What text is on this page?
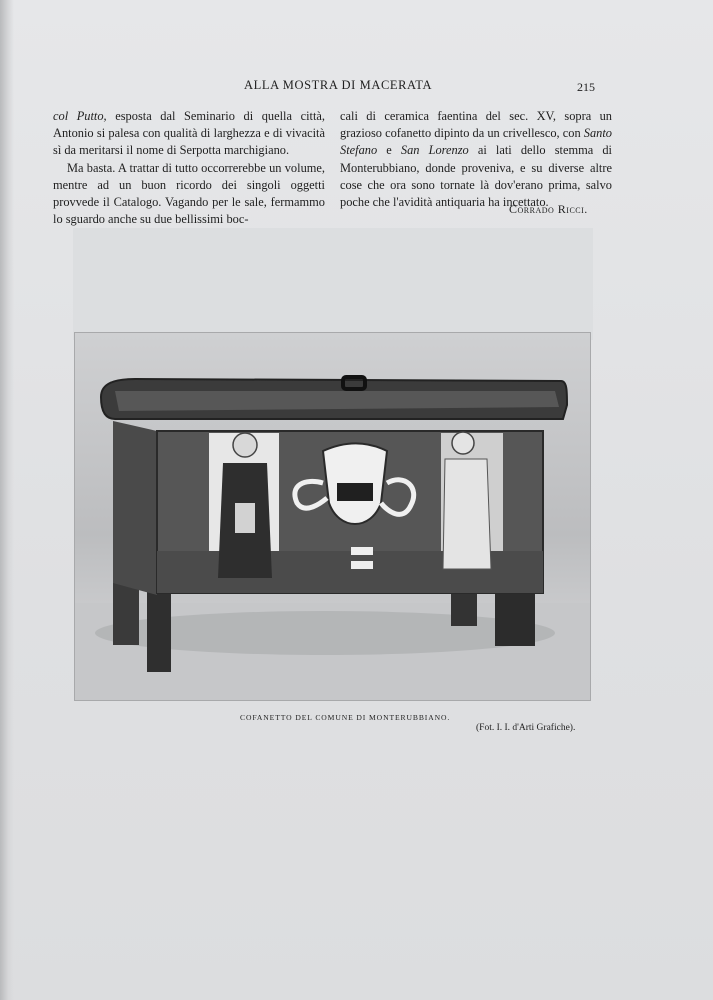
ALLA MOSTRA DI MACERATA	215

col Putto, esposta dal Seminario di quella città, Antonio si palesa con qualità di larghezza e di vivacità sì da meritarsi il nome di Serpotta marchigiano.

Ma basta. A trattar di tutto occorrerebbe un volume, mentre ad un buon ricordo dei singoli oggetti provvede il Catalogo. Vagando per le sale, fermammo lo sguardo anche su due bellissimi boc-

cali di ceramica faentina del sec. XV, sopra un grazioso cofanetto dipinto da un crivellesco, con Santo Stefano e San Lorenzo ai lati dello stemma di Monterubbiano, donde proveniva, e su diverse altre cose che ora sono tornate là dov'erano prima, salvo poche che l'avidità antiquaria ha incettato.

Corrado Ricci.
COFANETTO DEL COMUNE DI MONTERUBBIANO.
(Fot. I. I. d'Arti Grafiche).
